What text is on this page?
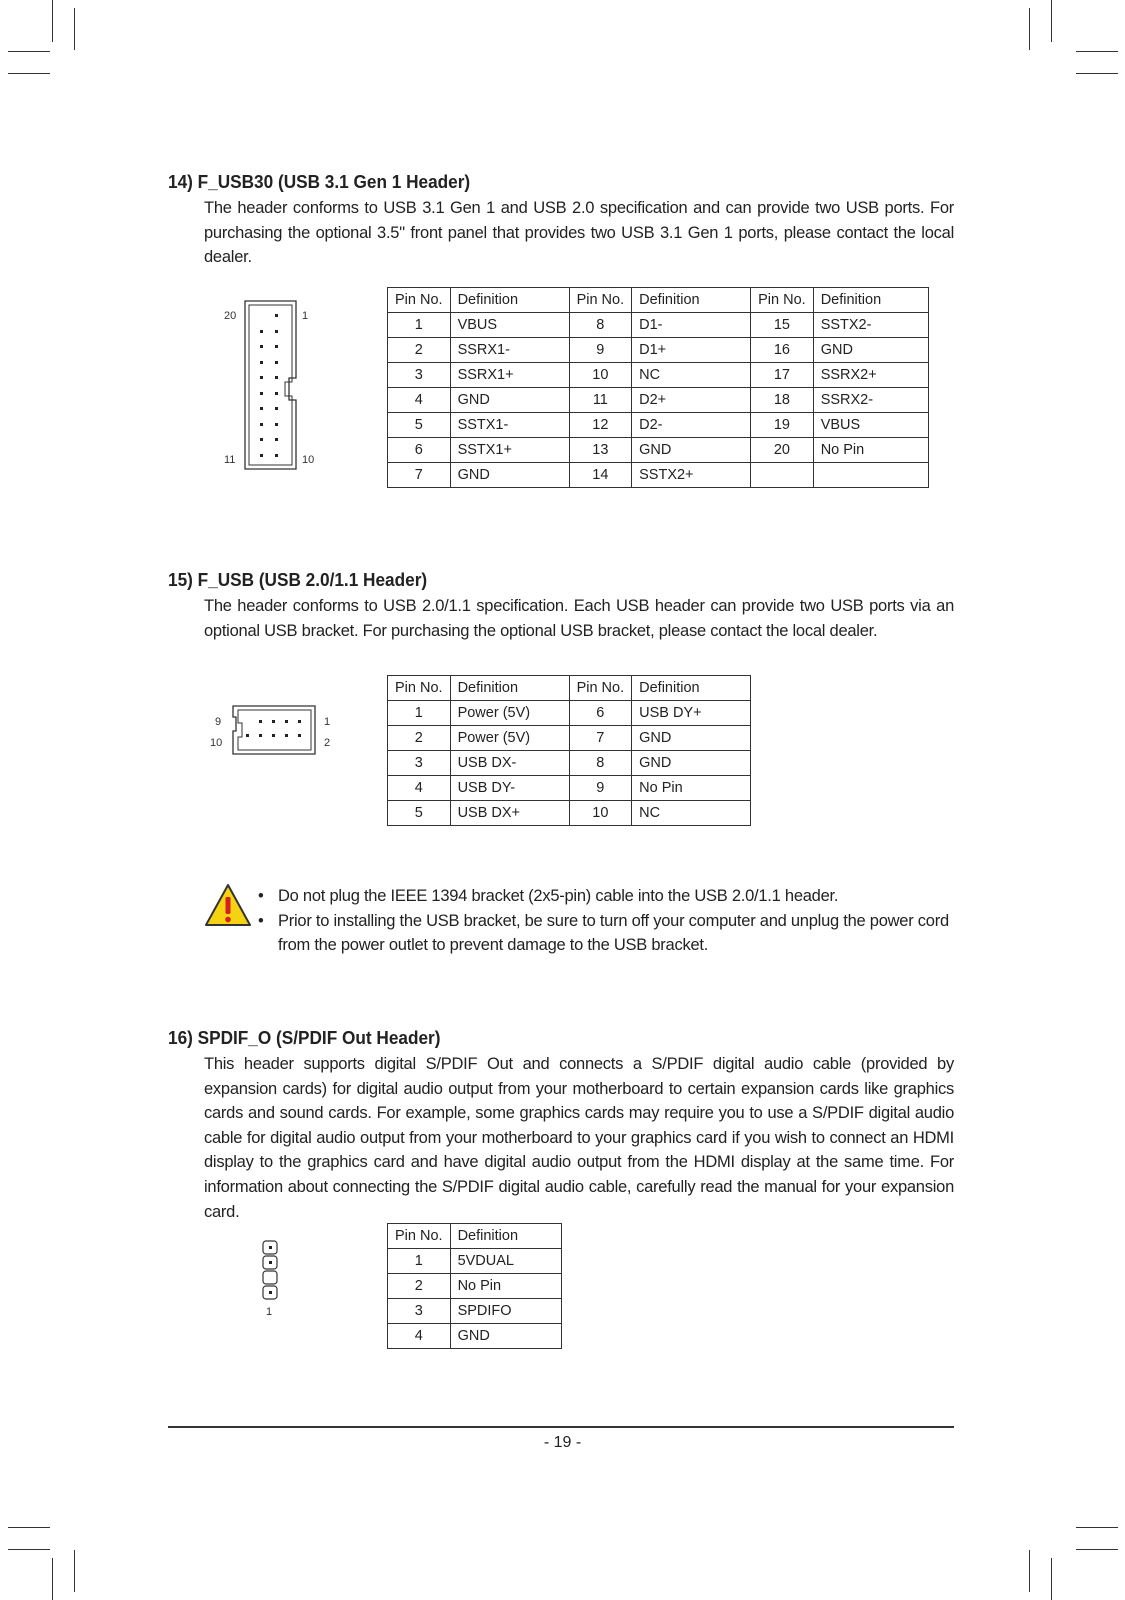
14) F_USB30 (USB 3.1 Gen 1 Header)
The header conforms to USB 3.1 Gen 1 and USB 2.0 specification and can provide two USB ports. For purchasing the optional 3.5" front panel that provides two USB 3.1 Gen 1 ports, please contact the local dealer.
20	1
11	10
Pin No.	Definition	Pin No.	Definition	Pin No.	Definition
1	VBUS	8	D1-	15	SSTX2-
2	SSRX1-	9	D1+	16	GND
3	SSRX1+	10	NC	17	SSRX2+
4	GND	11	D2+	18	SSRX2-
5	SSTX1-	12	D2-	19	VBUS
6	SSTX1+	13	GND	20	No Pin
7	GND	14	SSTX2+		
15) F_USB (USB 2.0/1.1 Header)
The header conforms to USB 2.0/1.1 specification. Each USB header can provide two USB ports via an optional USB bracket. For purchasing the optional USB bracket, please contact the local dealer.
9
10
1
2
Pin No.	Definition	Pin No.	Definition
1	Power (5V)	6	USB DY+
2	Power (5V)	7	GND
3	USB DX-	8	GND
4	USB DY-	9	No Pin
5	USB DX+	10	NC
• Do not plug the IEEE 1394 bracket (2x5-pin) cable into the USB 2.0/1.1 header.
• Prior to installing the USB bracket, be sure to turn off your computer and unplug the power cord from the power outlet to prevent damage to the USB bracket.
16) SPDIF_O (S/PDIF Out Header)
This header supports digital S/PDIF Out and connects a S/PDIF digital audio cable (provided by expansion cards) for digital audio output from your motherboard to certain expansion cards like graphics cards and sound cards. For example, some graphics cards may require you to use a S/PDIF digital audio cable for digital audio output from your motherboard to your graphics card if you wish to connect an HDMI display to the graphics card and have digital audio output from the HDMI display at the same time. For information about connecting the S/PDIF digital audio cable, carefully read the manual for your expansion card.
1
Pin No.	Definition
1	5VDUAL
2	No Pin
3	SPDIFO
4	GND
- 19 -
